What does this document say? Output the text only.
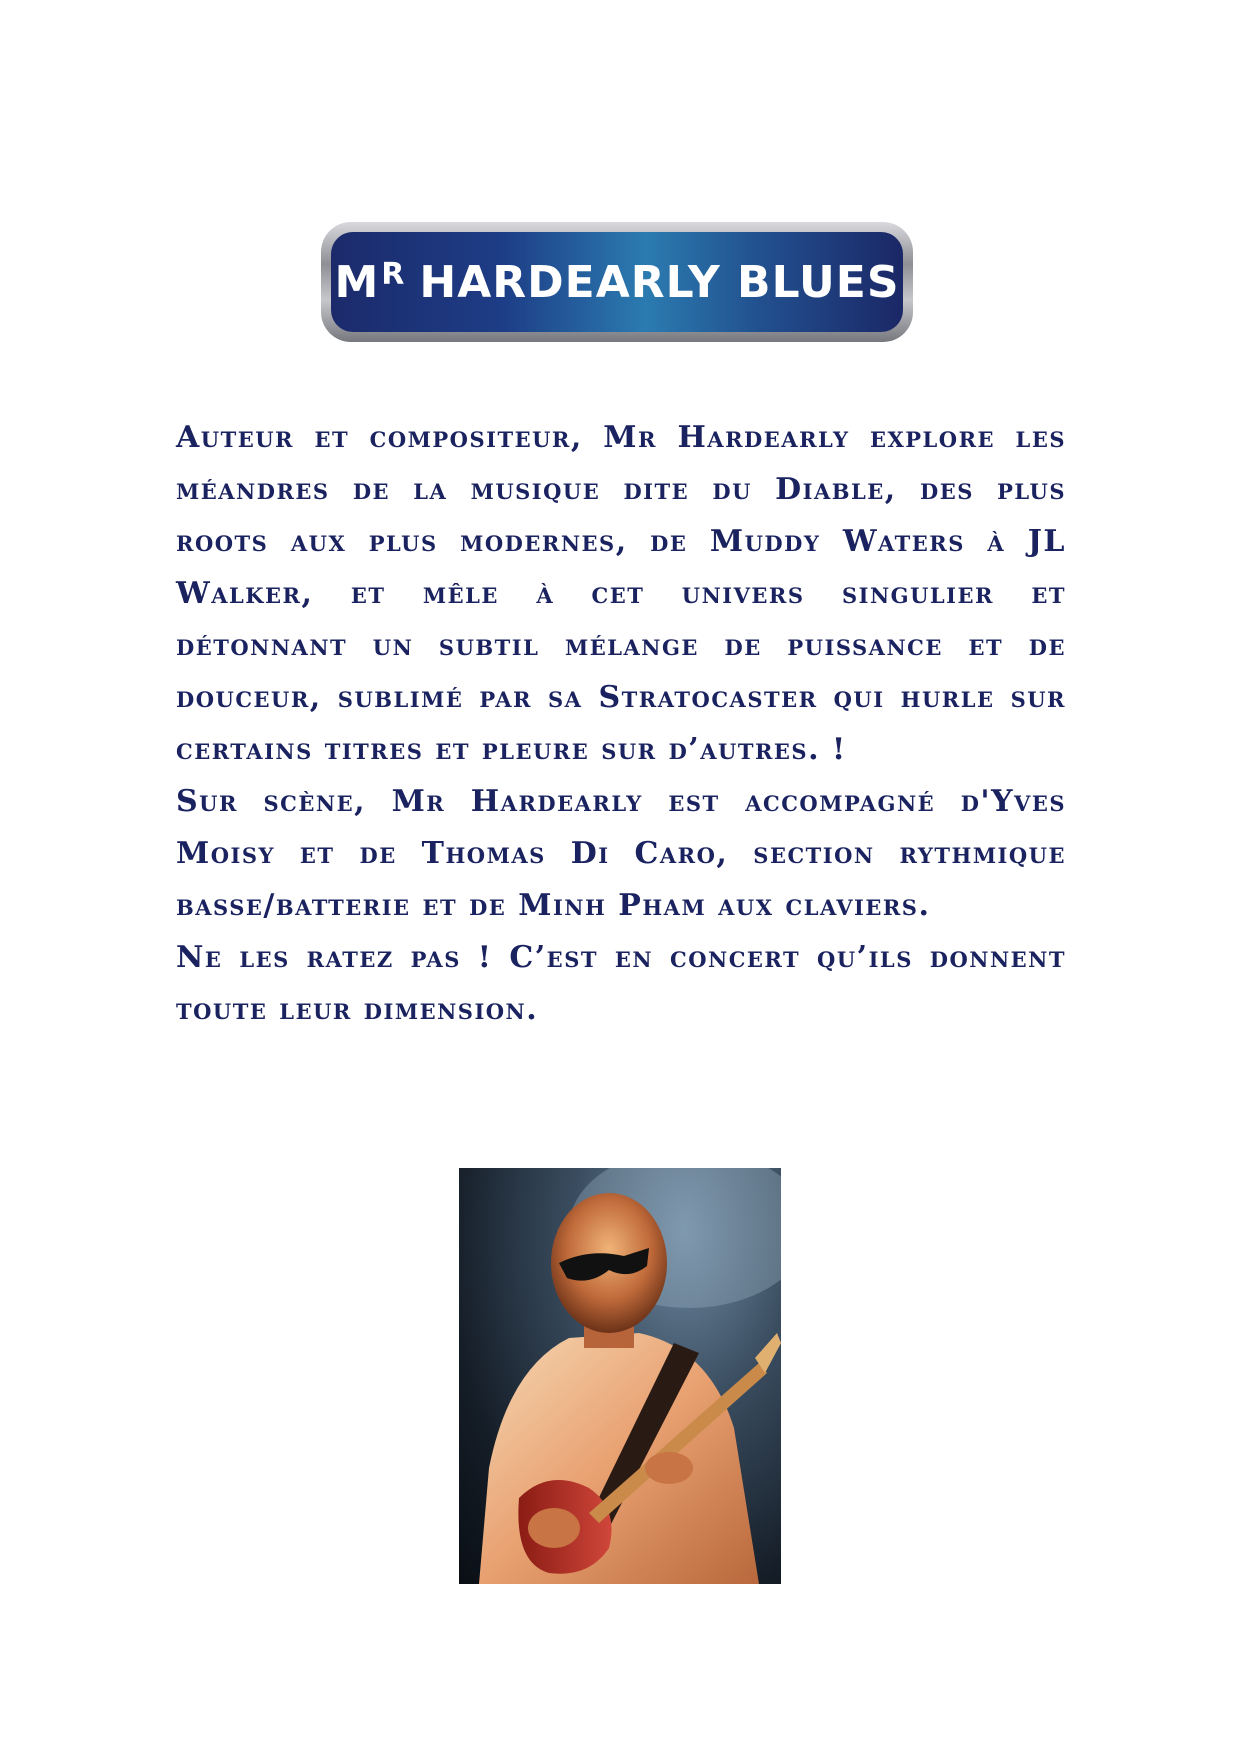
M R HARDEARLY BLUES

Auteur et compositeur, Mr Hardearly explore les méandres de la musique dite du Diable, des plus roots aux plus modernes, de Muddy Waters à JL Walker, et mêle à cet univers singulier et détonnant un subtil mélange de puissance et de douceur, sublimé par sa Stratocaster qui hurle sur certains titres et pleure sur d’autres. !

Sur scène, Mr Hardearly est accompagné d'Yves Moisy et de Thomas Di Caro, section rythmique basse/batterie et de Minh Pham aux claviers.

Ne les ratez pas ! C’est en concert qu’ils donnent toute leur dimension.
